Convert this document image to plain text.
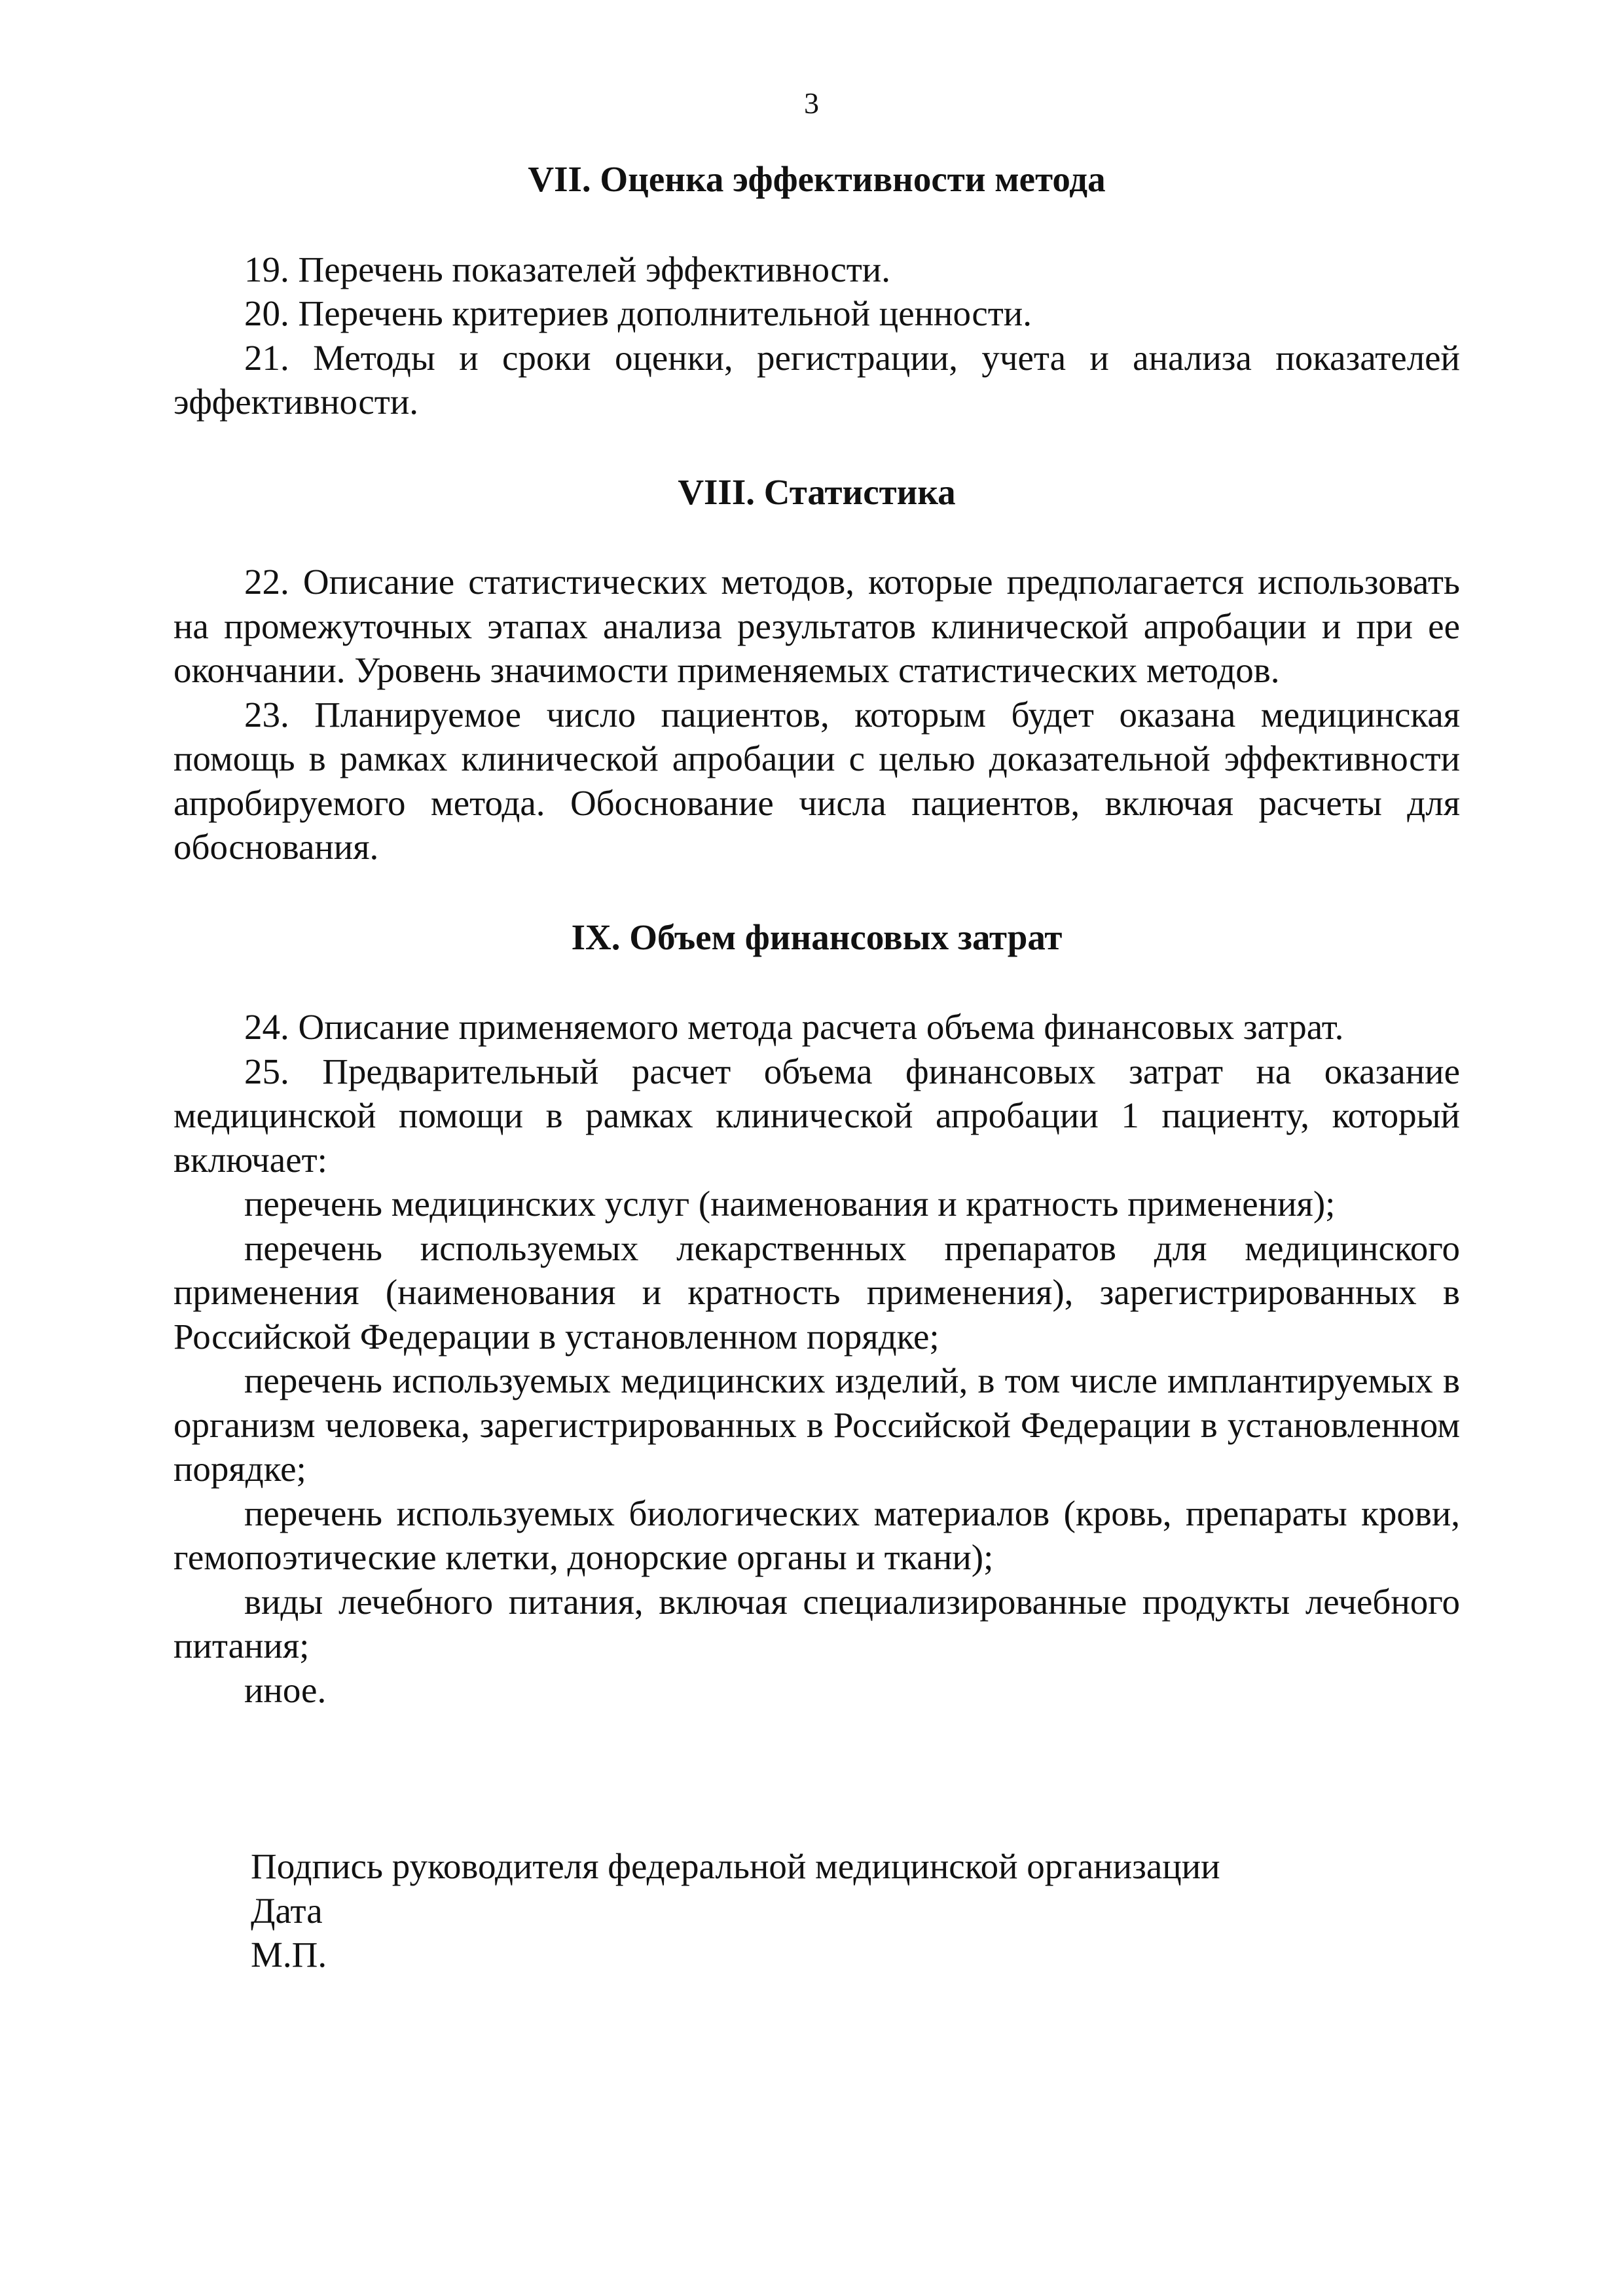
3

VII. Оценка эффективности метода

19. Перечень показателей эффективности.

20. Перечень критериев дополнительной ценности.

21. Методы и сроки оценки, регистрации, учета и анализа показателей эффективности.

VIII. Статистика

22. Описание статистических методов, которые предполагается использовать на промежуточных этапах анализа результатов клинической апробации и при ее окончании. Уровень значимости применяемых статистических методов.

23. Планируемое число пациентов, которым будет оказана медицинская помощь в рамках клинической апробации с целью доказательной эффективности апробируемого метода. Обоснование числа пациентов, включая расчеты для обоснования.

IX. Объем финансовых затрат

24. Описание применяемого метода расчета объема финансовых затрат.

25. Предварительный расчет объема финансовых затрат на оказание медицинской помощи в рамках клинической апробации 1 пациенту, который включает:

перечень медицинских услуг (наименования и кратность применения);

перечень используемых лекарственных препаратов для медицинского применения (наименования и кратность применения), зарегистрированных в Российской Федерации в установленном порядке;

перечень используемых медицинских изделий, в том числе имплантируемых в организм человека, зарегистрированных в Российской Федерации в установленном порядке;

перечень используемых биологических материалов (кровь, препараты крови, гемопоэтические клетки, донорские органы и ткани);

виды лечебного питания, включая специализированные продукты лечебного питания;

иное.

Подпись руководителя федеральной медицинской организации

Дата

М.П.
